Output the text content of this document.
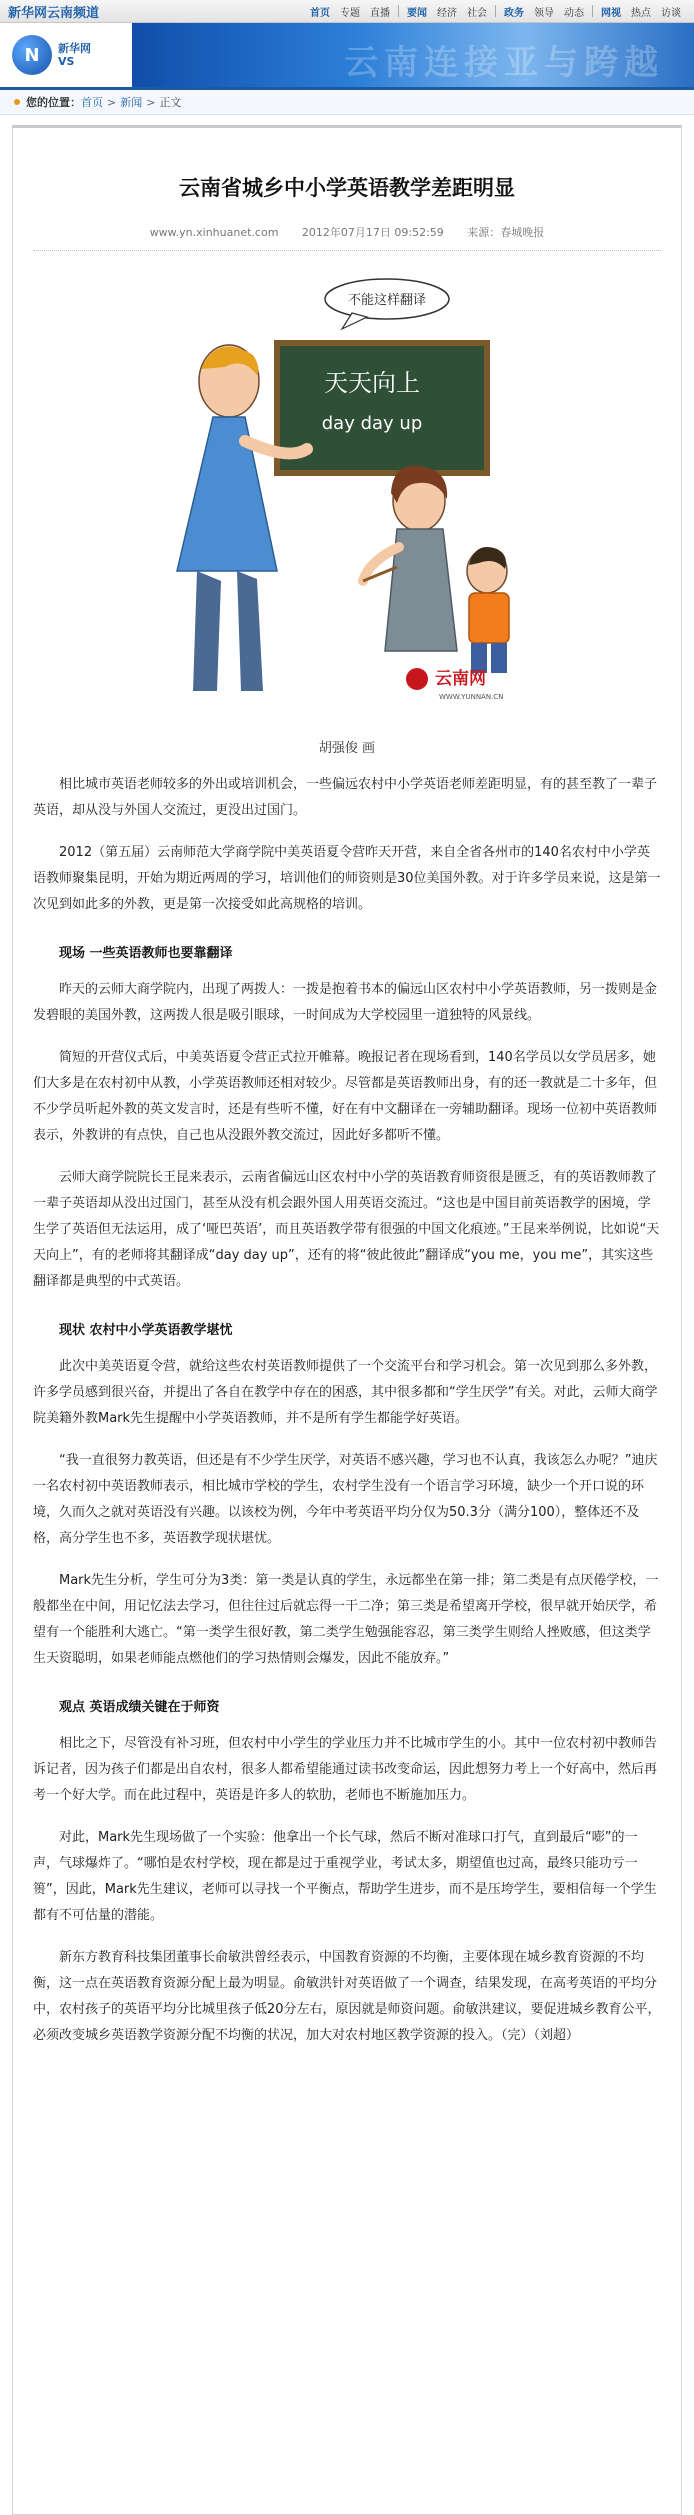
新华网云南频道	首页 专题 直播 要闻 经济 社会 政务 领导 动态 网视 热点 访谈
N	新华网
VS	云南连接亚与跨越
您的位置： 首页 > 新闻 > 正文
云南省城乡中小学英语教学差距明显
www.yn.xinhuanet.com 2012年07月17日 09:52:59 来源：春城晚报
天天向上
day day up
不能这样翻译
云南网
WWW.YUNNAN.CN
胡强俊 画

相比城市英语老师较多的外出或培训机会，一些偏远农村中小学英语老师差距明显，有的甚至教了一辈子英语，却从没与外国人交流过，更没出过国门。

2012（第五届）云南师范大学商学院中美英语夏令营昨天开营，来自全省各州市的140名农村中小学英语教师聚集昆明，开始为期近两周的学习，培训他们的师资则是30位美国外教。对于许多学员来说，这是第一次见到如此多的外教，更是第一次接受如此高规格的培训。

现场 一些英语教师也要靠翻译

昨天的云师大商学院内，出现了两拨人：一拨是抱着书本的偏远山区农村中小学英语教师，另一拨则是金发碧眼的美国外教，这两拨人很是吸引眼球，一时间成为大学校园里一道独特的风景线。

简短的开营仪式后，中美英语夏令营正式拉开帷幕。晚报记者在现场看到，140名学员以女学员居多，她们大多是在农村初中从教，小学英语教师还相对较少。尽管都是英语教师出身，有的还一教就是二十多年，但不少学员听起外教的英文发言时，还是有些听不懂，好在有中文翻译在一旁辅助翻译。现场一位初中英语教师表示，外教讲的有点快，自己也从没跟外教交流过，因此好多都听不懂。

云师大商学院院长王昆来表示，云南省偏远山区农村中小学的英语教育师资很是匮乏，有的英语教师教了一辈子英语却从没出过国门，甚至从没有机会跟外国人用英语交流过。“这也是中国目前英语教学的困境，学生学了英语但无法运用，成了‘哑巴英语’，而且英语教学带有很强的中国文化痕迹。”王昆来举例说，比如说“天天向上”，有的老师将其翻译成“day day up”，还有的将“彼此彼此”翻译成“you me，you me”，其实这些翻译都是典型的中式英语。

现状 农村中小学英语教学堪忧

此次中美英语夏令营，就给这些农村英语教师提供了一个交流平台和学习机会。第一次见到那么多外教，许多学员感到很兴奋，并提出了各自在教学中存在的困惑，其中很多都和“学生厌学”有关。对此，云师大商学院美籍外教Mark先生提醒中小学英语教师，并不是所有学生都能学好英语。

“我一直很努力教英语，但还是有不少学生厌学，对英语不感兴趣，学习也不认真，我该怎么办呢？”迪庆一名农村初中英语教师表示，相比城市学校的学生，农村学生没有一个语言学习环境，缺少一个开口说的环境，久而久之就对英语没有兴趣。以该校为例，今年中考英语平均分仅为50.3分（满分100），整体还不及格，高分学生也不多，英语教学现状堪忧。

Mark先生分析，学生可分为3类：第一类是认真的学生，永远都坐在第一排；第二类是有点厌倦学校，一般都坐在中间，用记忆法去学习，但往往过后就忘得一干二净；第三类是希望离开学校，很早就开始厌学，希望有一个能胜利大逃亡。“第一类学生很好教，第二类学生勉强能容忍，第三类学生则给人挫败感，但这类学生天资聪明，如果老师能点燃他们的学习热情则会爆发，因此不能放弃。”

观点 英语成绩关键在于师资

相比之下，尽管没有补习班，但农村中小学生的学业压力并不比城市学生的小。其中一位农村初中教师告诉记者，因为孩子们都是出自农村，很多人都希望能通过读书改变命运，因此想努力考上一个好高中，然后再考一个好大学。而在此过程中，英语是许多人的软肋，老师也不断施加压力。

对此，Mark先生现场做了一个实验：他拿出一个长气球，然后不断对准球口打气，直到最后“嘭”的一声，气球爆炸了。“哪怕是农村学校，现在都是过于重视学业，考试太多，期望值也过高，最终只能功亏一篑”，因此，Mark先生建议，老师可以寻找一个平衡点，帮助学生进步，而不是压垮学生，要相信每一个学生都有不可估量的潜能。

新东方教育科技集团董事长俞敏洪曾经表示，中国教育资源的不均衡，主要体现在城乡教育资源的不均衡，这一点在英语教育资源分配上最为明显。俞敏洪针对英语做了一个调查，结果发现，在高考英语的平均分中，农村孩子的英语平均分比城里孩子低20分左右，原因就是师资问题。俞敏洪建议，要促进城乡教育公平，必须改变城乡英语教学资源分配不均衡的状况，加大对农村地区教学资源的投入。（完）（刘超）
